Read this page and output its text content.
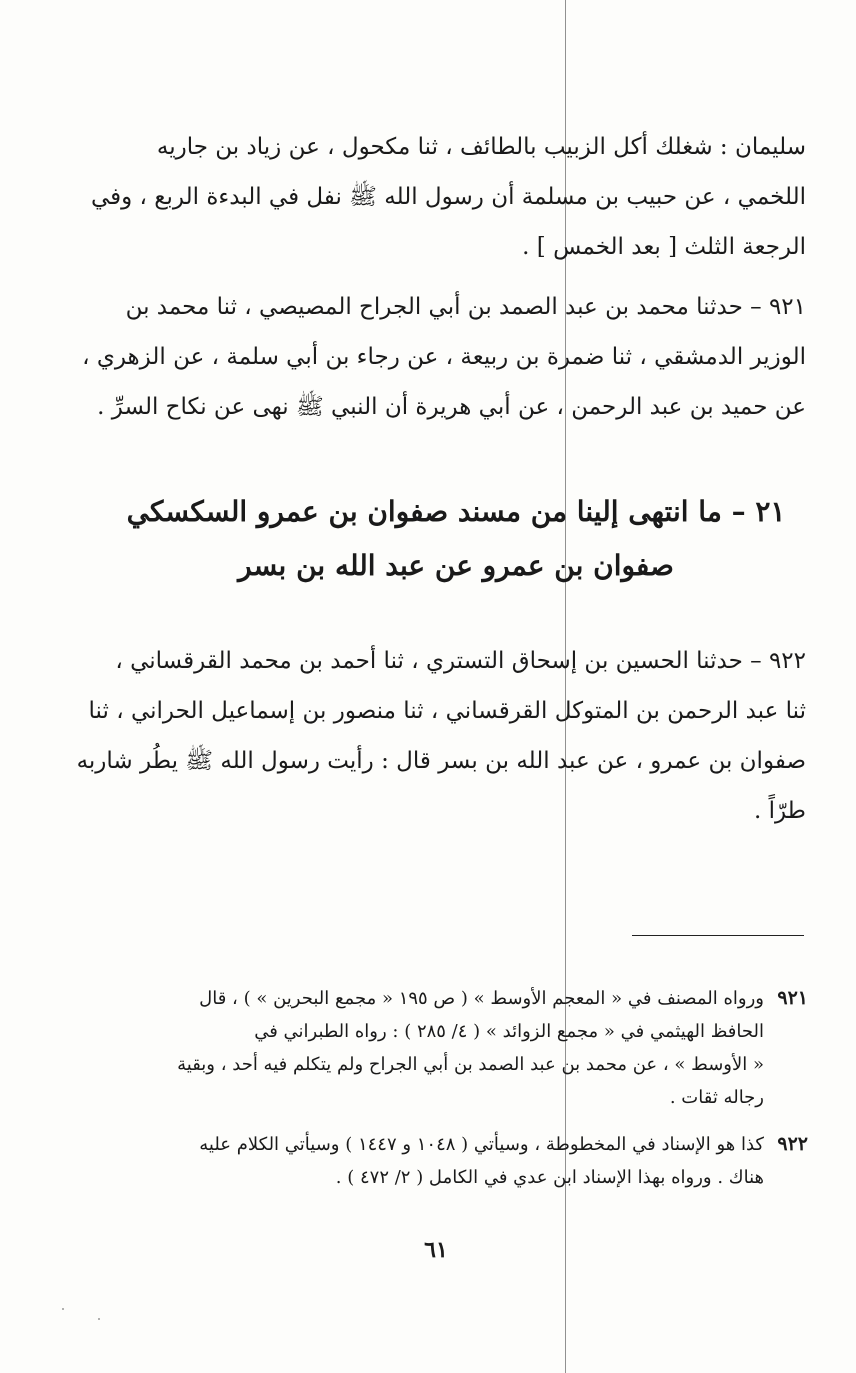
سليمان : شغلك أكل الزبيب بالطائف ، ثنا مكحول ، عن زياد بن جاريه
اللخمي ، عن حبيب بن مسلمة أن رسول الله ﷺ نفل في البدءة الربع ، وفي
الرجعة الثلث [ بعد الخمس ] .
٩٢١ – حدثنا محمد بن عبد الصمد بن أبي الجراح المصيصي ، ثنا محمد بن
الوزير الدمشقي ، ثنا ضمرة بن ربيعة ، عن رجاء بن أبي سلمة ، عن الزهري ،
عن حميد بن عبد الرحمن ، عن أبي هريرة أن النبي ﷺ نهى عن نكاح السرِّ .
٢١ – ما انتهى إلينا من مسند صفوان بن عمرو السكسكي
صفوان بن عمرو عن عبد الله بن بسر
٩٢٢ – حدثنا الحسين بن إسحاق التستري ، ثنا أحمد بن محمد القرقساني ،
ثنا عبد الرحمن بن المتوكل القرقساني ، ثنا منصور بن إسماعيل الحراني ، ثنا
صفوان بن عمرو ، عن عبد الله بن بسر قال : رأيت رسول الله ﷺ يطُر شاربه
طرّاً .
٩٢١
ورواه المصنف في « المعجم الأوسط » ( ص ١٩٥ « مجمع البحرين » ) ، قال
الحافظ الهيثمي في « مجمع الزوائد » ( ٤/ ٢٨٥ ) : رواه الطبراني في
« الأوسط » ، عن محمد بن عبد الصمد بن أبي الجراح ولم يتكلم فيه أحد ، وبقية
رجاله ثقات .
٩٢٢
كذا هو الإسناد في المخطوطة ، وسيأتي ( ١٠٤٨ و ١٤٤٧ ) وسيأتي الكلام عليه
هناك . ورواه بهذا الإسناد ابن عدي في الكامل ( ٢/ ٤٧٢ ) .
٦١
